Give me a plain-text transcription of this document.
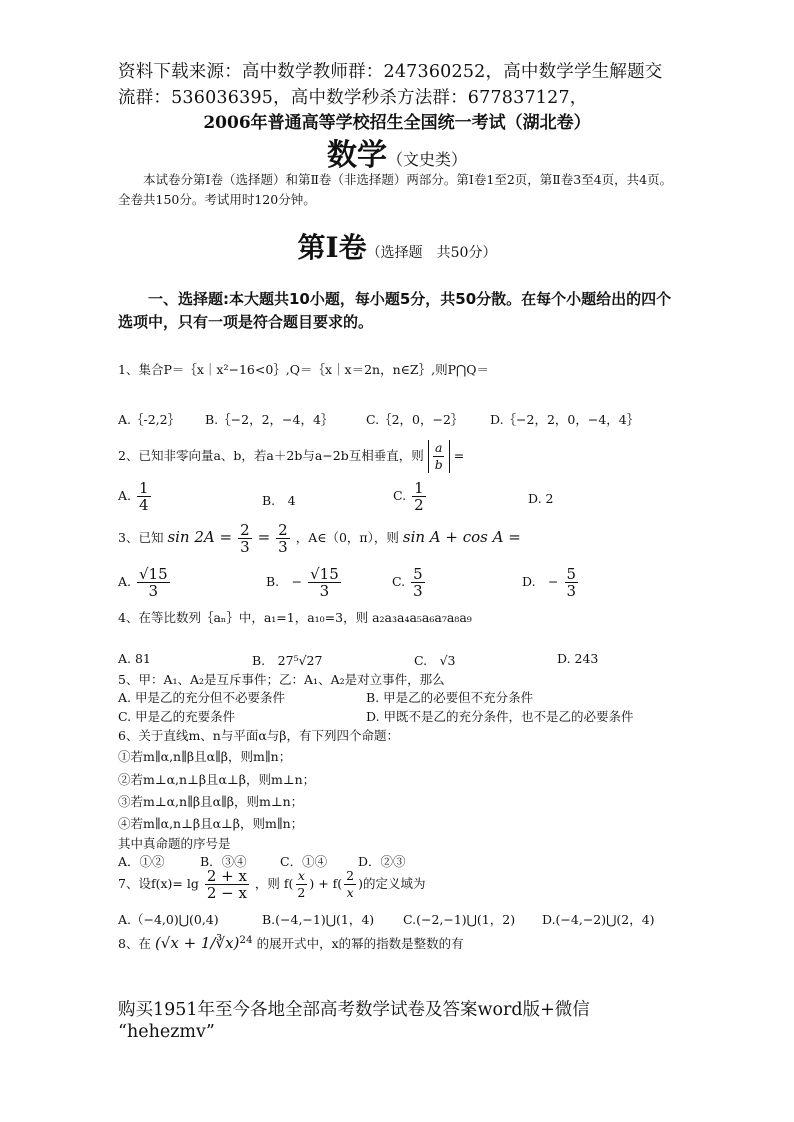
资料下载来源：高中数学教师群：247360252，高中数学学生解题交
流群：536036395，高中数学秒杀方法群：677837127，
2006年普通高等学校招生全国统一考试（湖北卷）
数学（文史类）
本试卷分第Ⅰ卷（选择题）和第Ⅱ卷（非选择题）两部分。第Ⅰ卷1至2页，第Ⅱ卷3至4页，共4页。全卷共150分。考试用时120分钟。
第Ⅰ卷（选择题　共50分）
一、选择题:本大题共10小题，每小题5分，共50分散。在每个小题给出的四个选项中，只有一项是符合题目要求的。
1、集合P＝｛x｜x²−16<0｝,Q＝｛x｜x＝2n，n∈Z｝,则P⋂Q＝
A.｛-2,2｝ B.｛−2，2，−4，4｝	C.｛2，0，−2｝ D.｛−2，2，0，−4，4｝
2、已知非零向量a、b，若a＋2b与a−2b互相垂直，则 $\frac{a}{b}$ =
A. $\frac{1}{4}$	B.　4	C. $\frac{1}{2}$	D. 2
3、已知 $\sin 2A = \frac{2}{3} = \frac{2}{3}$ ，A∈（0，π），则 sin A + cos A =
A. $\frac{√15}{3}$	B.　− $\frac{√15}{3}$	C. $\frac{5}{3}$	D.　− $\frac{5}{3}$
4、在等比数列｛aₙ｝中，a₁=1，a₁₀=3，则 a₂a₃a₄a₅a₆a₇a₈a₉
A. 81	B.　27⁵√27	C.　√3	D. 243
5、甲：A₁、A₂是互斥事件；乙：A₁、A₂是对立事件，那么
A. 甲是乙的充分但不必要条件	B. 甲是乙的必要但不充分条件
C. 甲是乙的充要条件	D. 甲既不是乙的充分条件，也不是乙的必要条件
6、关于直线m、n与平面α与β，有下列四个命题：
①若m∥α,n∥β且α∥β，则m∥n；
②若m⊥α,n⊥β且α⊥β，则m⊥n；
③若m⊥α,n∥β且α∥β，则m⊥n；
④若m∥α,n⊥β且α⊥β，则m∥n；
其中真命题的序号是
A．①②	B．③④	C．①④ D．②③
7、设$f(x)= \lg \frac{2 + x}{2 - x}$ ，则 $f( \frac{x}{2}$ ) + $f( \frac{2}{x}$ )的定义域为
A.（−4,0)⋃(0,4)	B.(−4,−1)⋃(1，4) C.(−2,−1)⋃(1，2) D.(−4,−2)⋃(2，4)
8、在 (√x + 1/∛x)$^{24}$ 的展开式中，x的幂的指数是整数的有
购买1951年至今各地全部高考数学试卷及答案word版+微信
“hehezmv”
